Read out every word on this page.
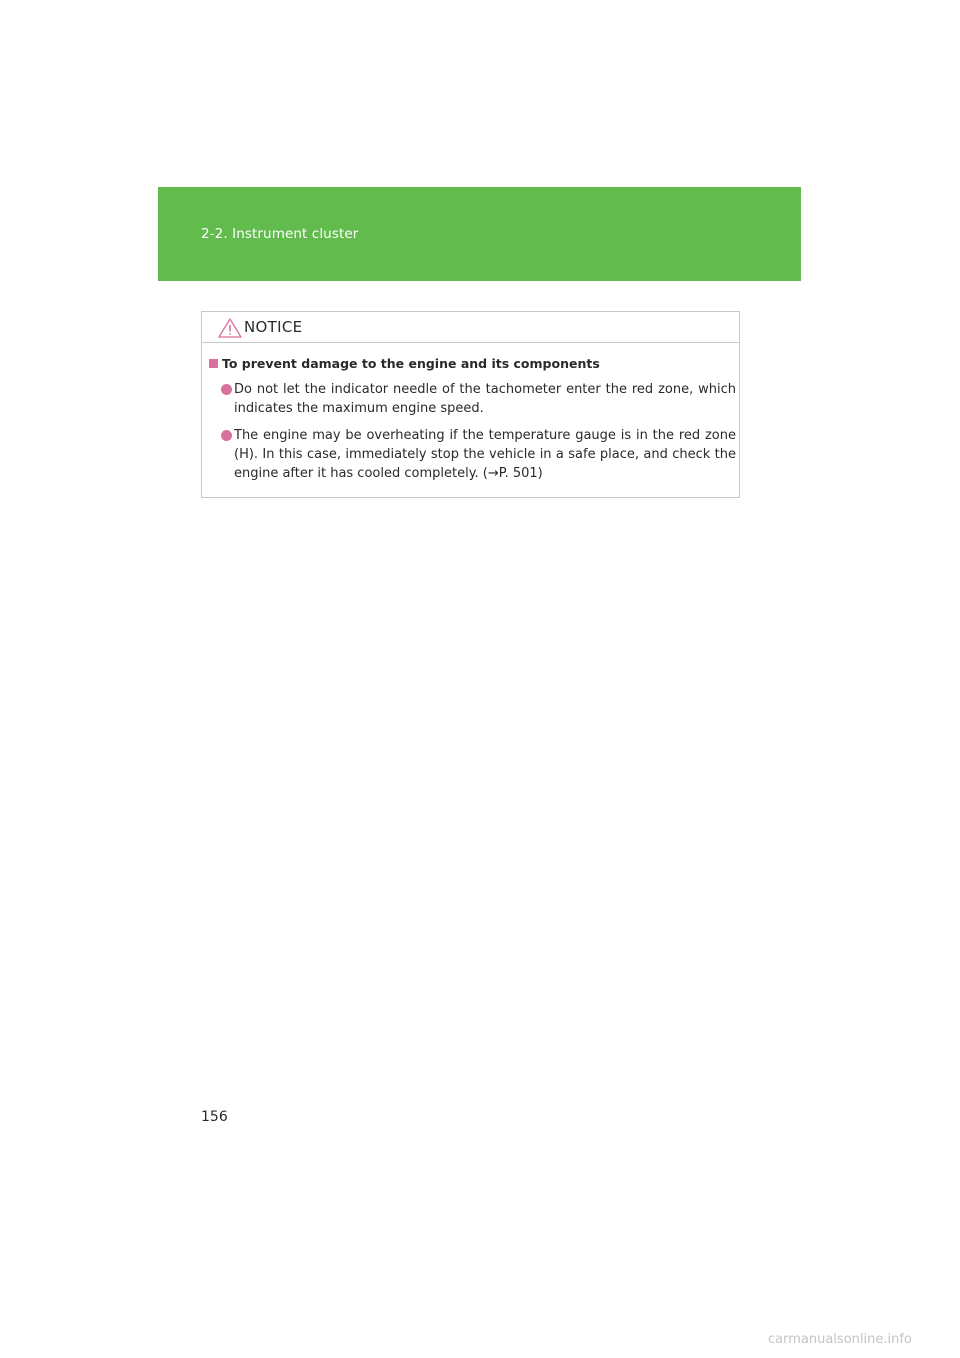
2-2. Instrument cluster
NOTICE
To prevent damage to the engine and its components
Do not let the indicator needle of the tachometer enter the red zone, which indicates the maximum engine speed.
The engine may be overheating if the temperature gauge is in the red zone (H). In this case, immediately stop the vehicle in a safe place, and check the engine after it has cooled completely. (→P. 501)
156
carmanualsonline.info
